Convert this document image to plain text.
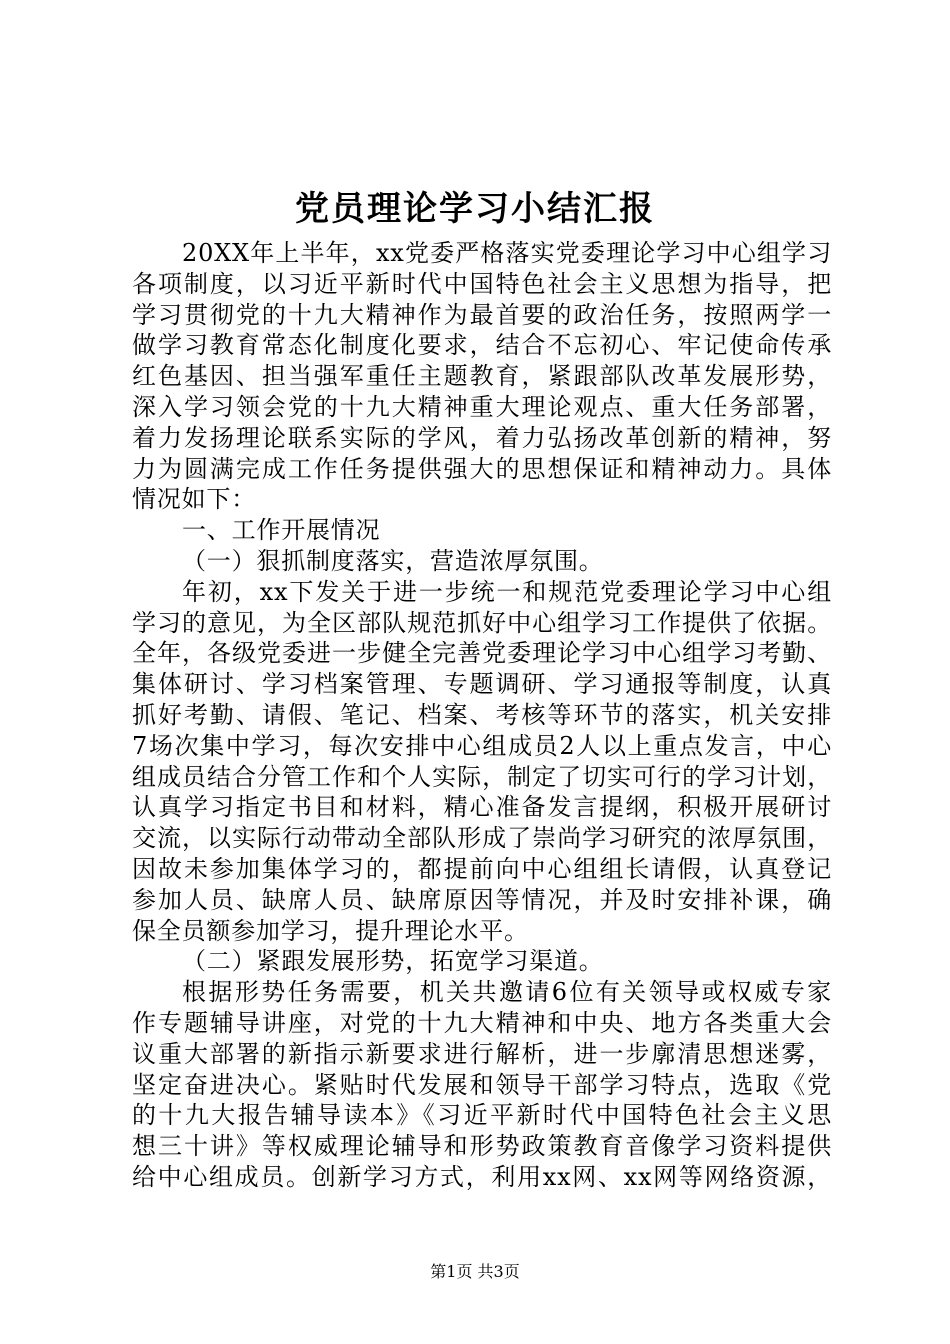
党员理论学习小结汇报
20XX年上半年，xx党委严格落实党委理论学习中心组学习
各项制度，以习近平新时代中国特色社会主义思想为指导，把
学习贯彻党的十九大精神作为最首要的政治任务，按照两学一
做学习教育常态化制度化要求，结合不忘初心、牢记使命传承
红色基因、担当强军重任主题教育，紧跟部队改革发展形势，
深入学习领会党的十九大精神重大理论观点、重大任务部署，
着力发扬理论联系实际的学风，着力弘扬改革创新的精神，努
力为圆满完成工作任务提供强大的思想保证和精神动力。具体
情况如下：
一、工作开展情况
（一）狠抓制度落实，营造浓厚氛围。
年初，xx下发关于进一步统一和规范党委理论学习中心组
学习的意见，为全区部队规范抓好中心组学习工作提供了依据。
全年，各级党委进一步健全完善党委理论学习中心组学习考勤、
集体研讨、学习档案管理、专题调研、学习通报等制度，认真
抓好考勤、请假、笔记、档案、考核等环节的落实，机关安排
7场次集中学习，每次安排中心组成员2人以上重点发言，中心
组成员结合分管工作和个人实际，制定了切实可行的学习计划，
认真学习指定书目和材料，精心准备发言提纲，积极开展研讨
交流，以实际行动带动全部队形成了崇尚学习研究的浓厚氛围，
因故未参加集体学习的，都提前向中心组组长请假，认真登记
参加人员、缺席人员、缺席原因等情况，并及时安排补课，确
保全员额参加学习，提升理论水平。
（二）紧跟发展形势，拓宽学习渠道。
根据形势任务需要，机关共邀请6位有关领导或权威专家
作专题辅导讲座，对党的十九大精神和中央、地方各类重大会
议重大部署的新指示新要求进行解析，进一步廓清思想迷雾，
坚定奋进决心。紧贴时代发展和领导干部学习特点，选取《党
的十九大报告辅导读本》《习近平新时代中国特色社会主义思
想三十讲》等权威理论辅导和形势政策教育音像学习资料提供
给中心组成员。创新学习方式，利用xx网、xx网等网络资源，
第1页 共3页
